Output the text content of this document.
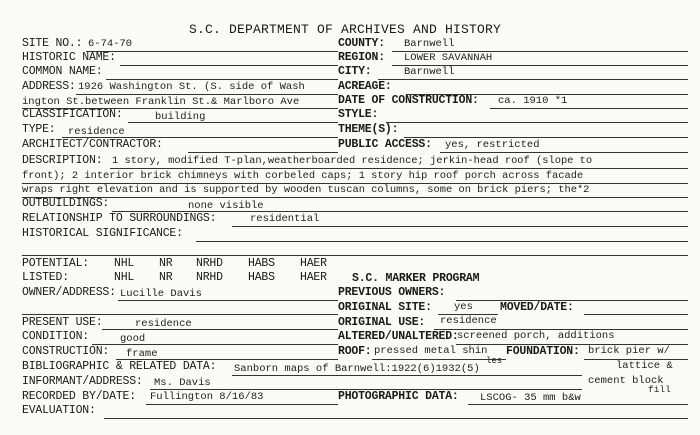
S.C. DEPARTMENT OF ARCHIVES AND HISTORY
SITE NO.: 6-74-70
HISTORIC NAME:
COMMON NAME:
ADDRESS: 1926 Washington St. (S. side of Wash
ington St.between Franklin St.& Marlboro Ave
CLASSIFICATION:	building
TYPE: residence
ARCHITECT/CONTRACTOR:
COUNTY: Barnwell
REGION: LOWER SAVANNAH
CITY:	Barnwell
ACREAGE:
DATE OF CONSTRUCTION: ca. 1910 *1
STYLE:
THEME(S):
PUBLIC ACCESS: yes, restricted
DESCRIPTION: 1 story, modified T-plan,weatherboarded residence; jerkin-head roof (slope to
front); 2 interior brick chimneys with corbeled caps; 1 story hip roof porch across facade
wraps right elevation and is supported by wooden tuscan columns, some on brick piers; the*2
OUTBUILDINGS:	none visible
RELATIONSHIP TO SURROUNDINGS:	residential
HISTORICAL SIGNIFICANCE:
POTENTIAL: NHL NR NRHD HABS HAER
LISTED:	NHL NR NRHD HABS HAER S.C. MARKER PROGRAM
OWNER/ADDRESS: Lucille Davis	PREVIOUS OWNERS:
ORIGINAL SITE: yes MOVED/DATE:
PRESENT USE:	residence	ORIGINAL USE: residence
CONDITION:	good	ALTERED/UNALTERED:
screened porch, additions
CONSTRUCTION: frame	ROOF: pressed metal shin
les
FOUNDATION: brick pier w/
lattice &
cement block
fill
BIBLIOGRAPHIC & RELATED DATA: Sanborn maps of Barnwell:1922(6)1932(5)
INFORMANT/ADDRESS: Ms. Davis
RECORDED BY/DATE: Fullington 8/16/83	PHOTOGRAPHIC DATA: LSCOG- 35 mm b&w
EVALUATION:
